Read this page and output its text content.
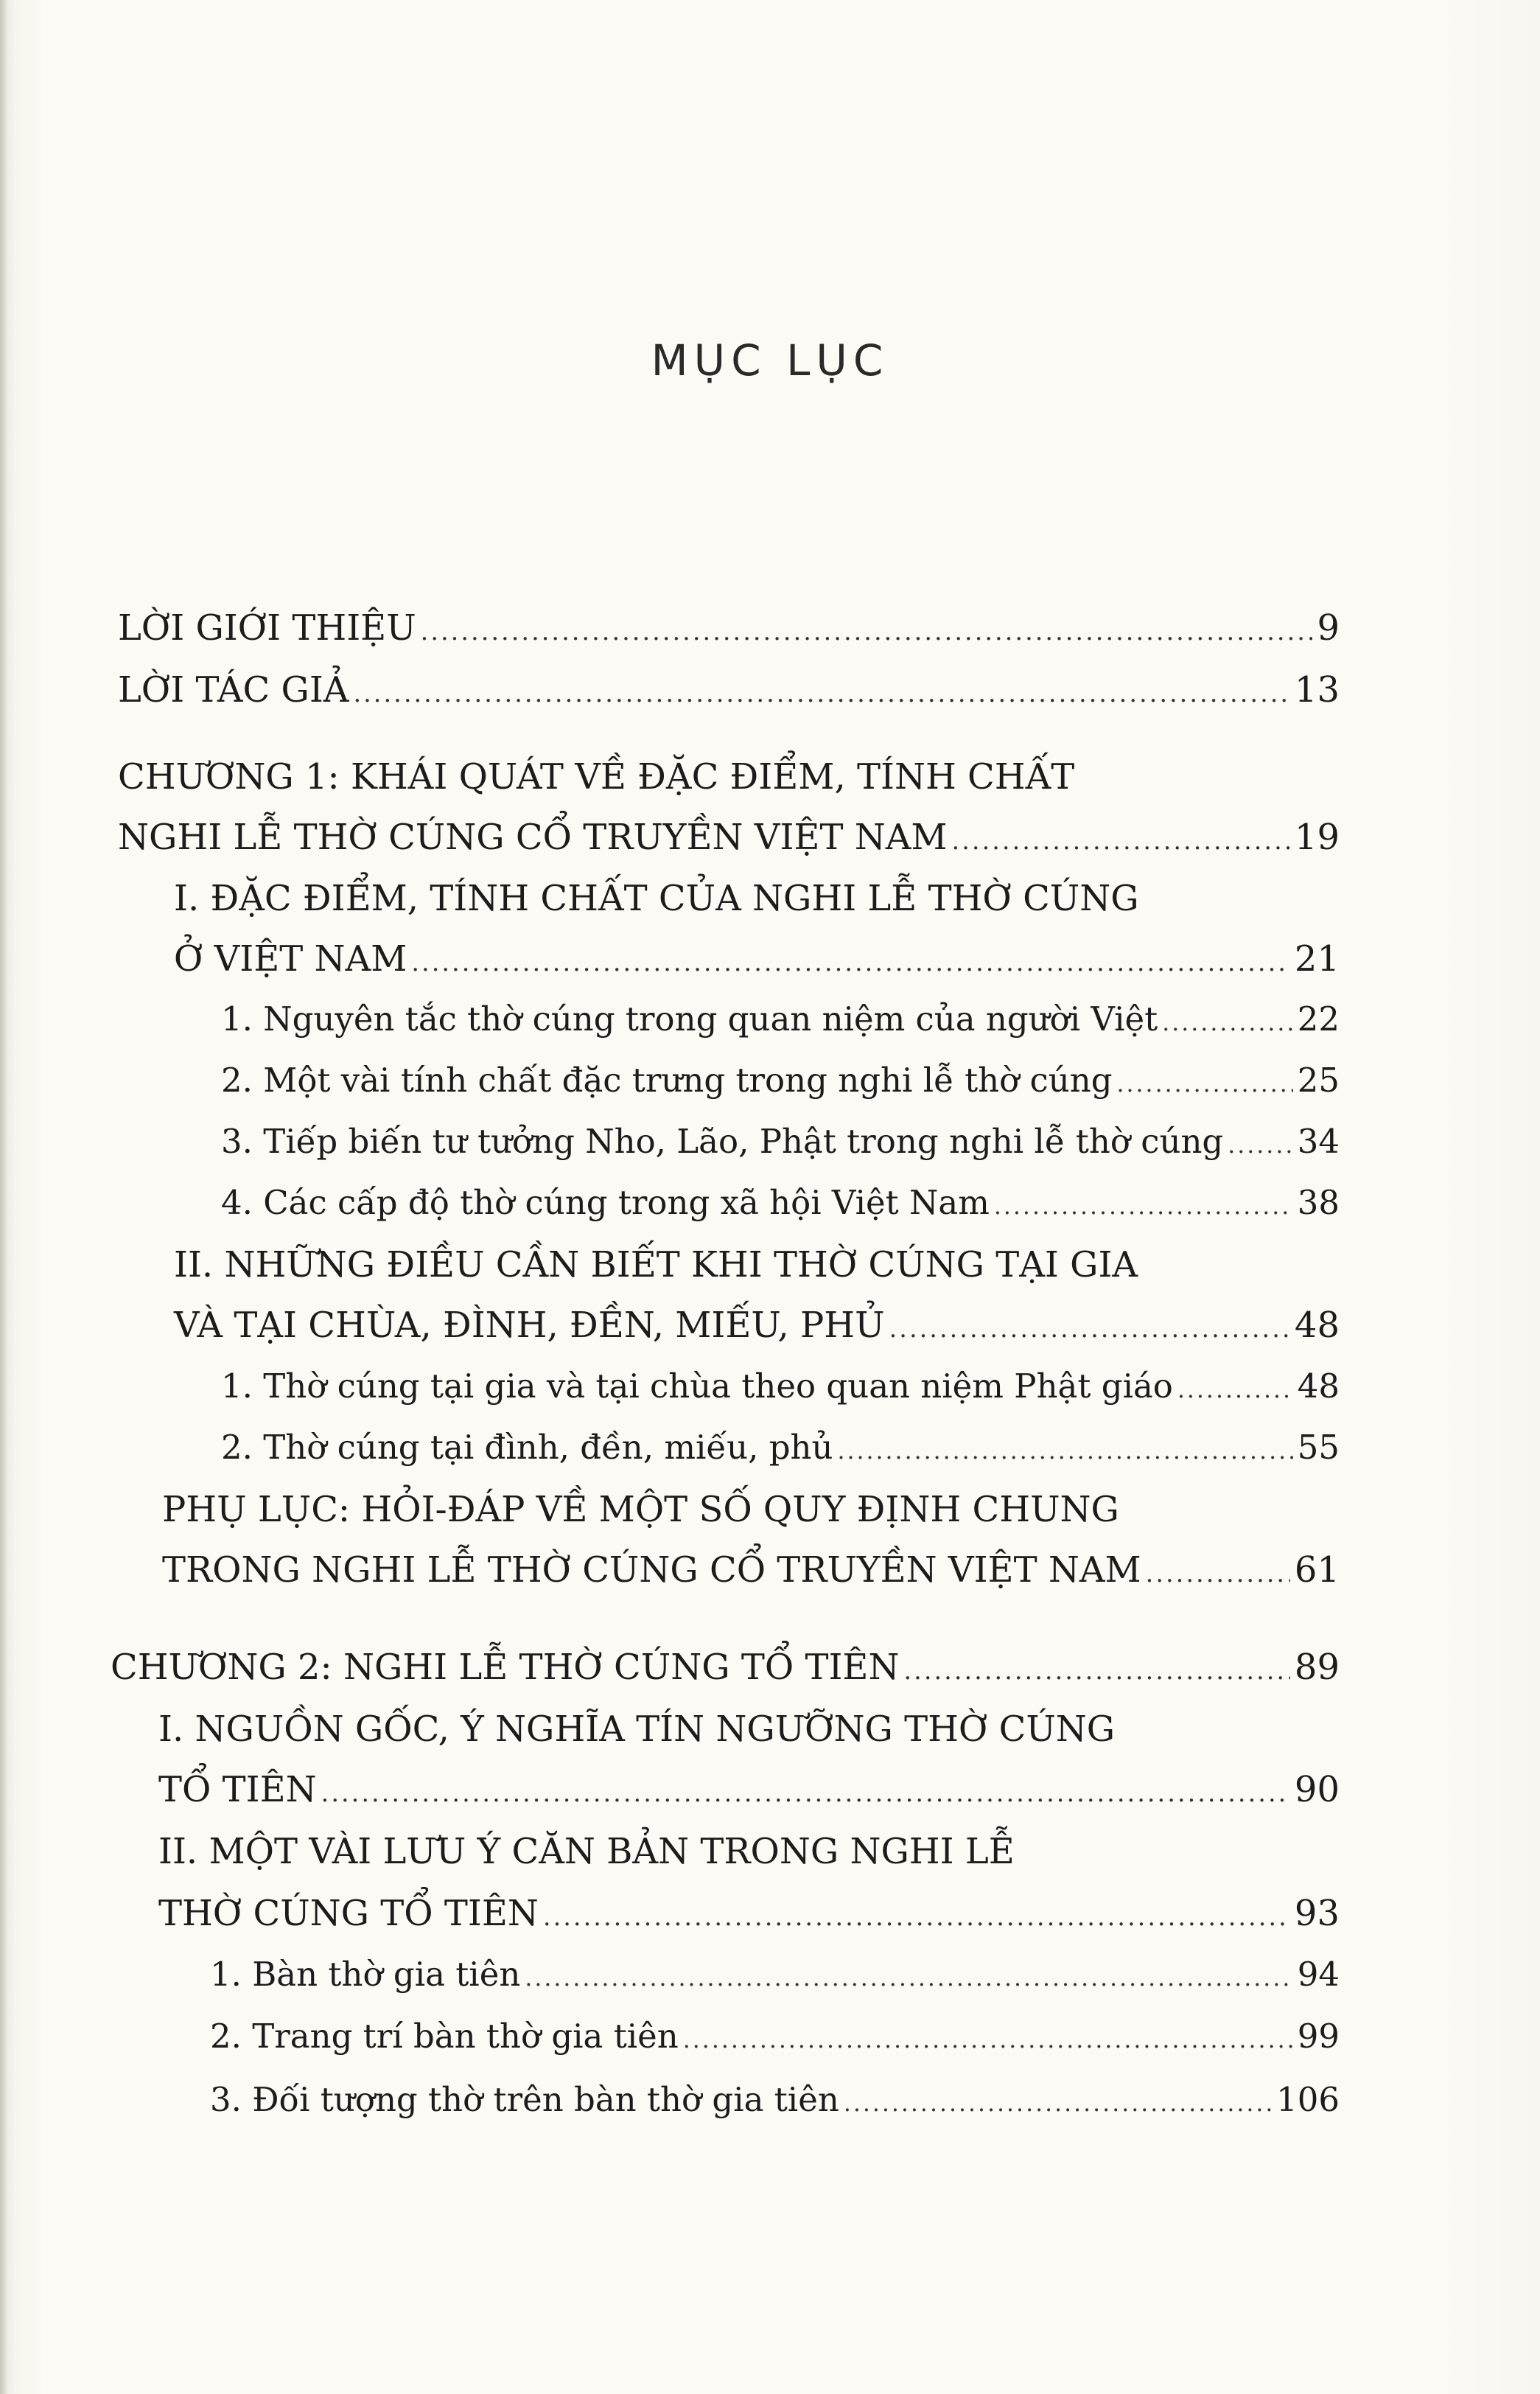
MỤC LỤC
LỜI GIỚI THIỆU .....	9
LỜI TÁC GIẢ .....	13
CHƯƠNG 1: KHÁI QUÁT VỀ ĐẶC ĐIỂM, TÍNH CHẤT
NGHI LỄ THỜ CÚNG CỔ TRUYỀN VIỆT NAM .....	19
I. ĐẶC ĐIỂM, TÍNH CHẤT CỦA NGHI LỄ THỜ CÚNG
Ở VIỆT NAM .....	21
1. Nguyên tắc thờ cúng trong quan niệm của người Việt .....	22
2. Một vài tính chất đặc trưng trong nghi lễ thờ cúng .....	25
3. Tiếp biến tư tưởng Nho, Lão, Phật trong nghi lễ thờ cúng ..... 34
4. Các cấp độ thờ cúng trong xã hội Việt Nam .....	38
II. NHỮNG ĐIỀU CẦN BIẾT KHI THỜ CÚNG TẠI GIA
VÀ TẠI CHÙA, ĐÌNH, ĐỀN, MIẾU, PHỦ .....	48
1. Thờ cúng tại gia và tại chùa theo quan niệm Phật giáo .....	48
2. Thờ cúng tại đình, đền, miếu, phủ .....	55
PHỤ LỤC: HỎI-ĐÁP VỀ MỘT SỐ QUY ĐỊNH CHUNG
TRONG NGHI LỄ THỜ CÚNG CỔ TRUYỀN VIỆT NAM .....	61
CHƯƠNG 2: NGHI LỄ THỜ CÚNG TỔ TIÊN .....	89
I. NGUỒN GỐC, Ý NGHĨA TÍN NGƯỠNG THỜ CÚNG
TỔ TIÊN .....	90
II. MỘT VÀI LƯU Ý CĂN BẢN TRONG NGHI LỄ
THỜ CÚNG TỔ TIÊN .....	93
1. Bàn thờ gia tiên .....	94
2. Trang trí bàn thờ gia tiên .....	99
3. Đối tượng thờ trên bàn thờ gia tiên .....	106
